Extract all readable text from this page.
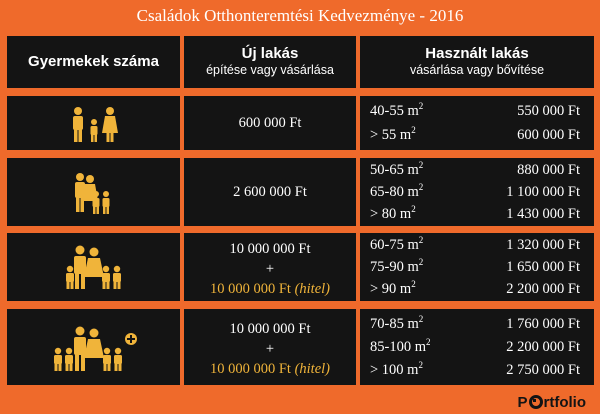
Családok Otthonteremtési Kedvezménye - 2016
Gyermekek száma	Új lakás
építése vagy vásárlása
Használt lakás
vásárlása vagy bővítése
600 000 Ft
40-55 $m^2$	550 000 Ft
> 55 $m^2$	600 000 Ft
2 600 000 Ft
50-65 $m^2$	880 000 Ft
65-80 $m^2$	1 100 000 Ft
> 80 $m^2$	1 430 000 Ft
10 000 000 Ft
+
10 000 000 Ft (hitel)
60-75 $m^2$	1 320 000 Ft
75-90 $m^2$	1 650 000 Ft
> 90 $m^2$	2 200 000 Ft
10 000 000 Ft
+
10 000 000 Ft (hitel)
70-85 $m^2$	1 760 000 Ft
85-100 $m^2$	2 200 000 Ft
> 100 $m^2$	2 750 000 Ft
P rtfolio
